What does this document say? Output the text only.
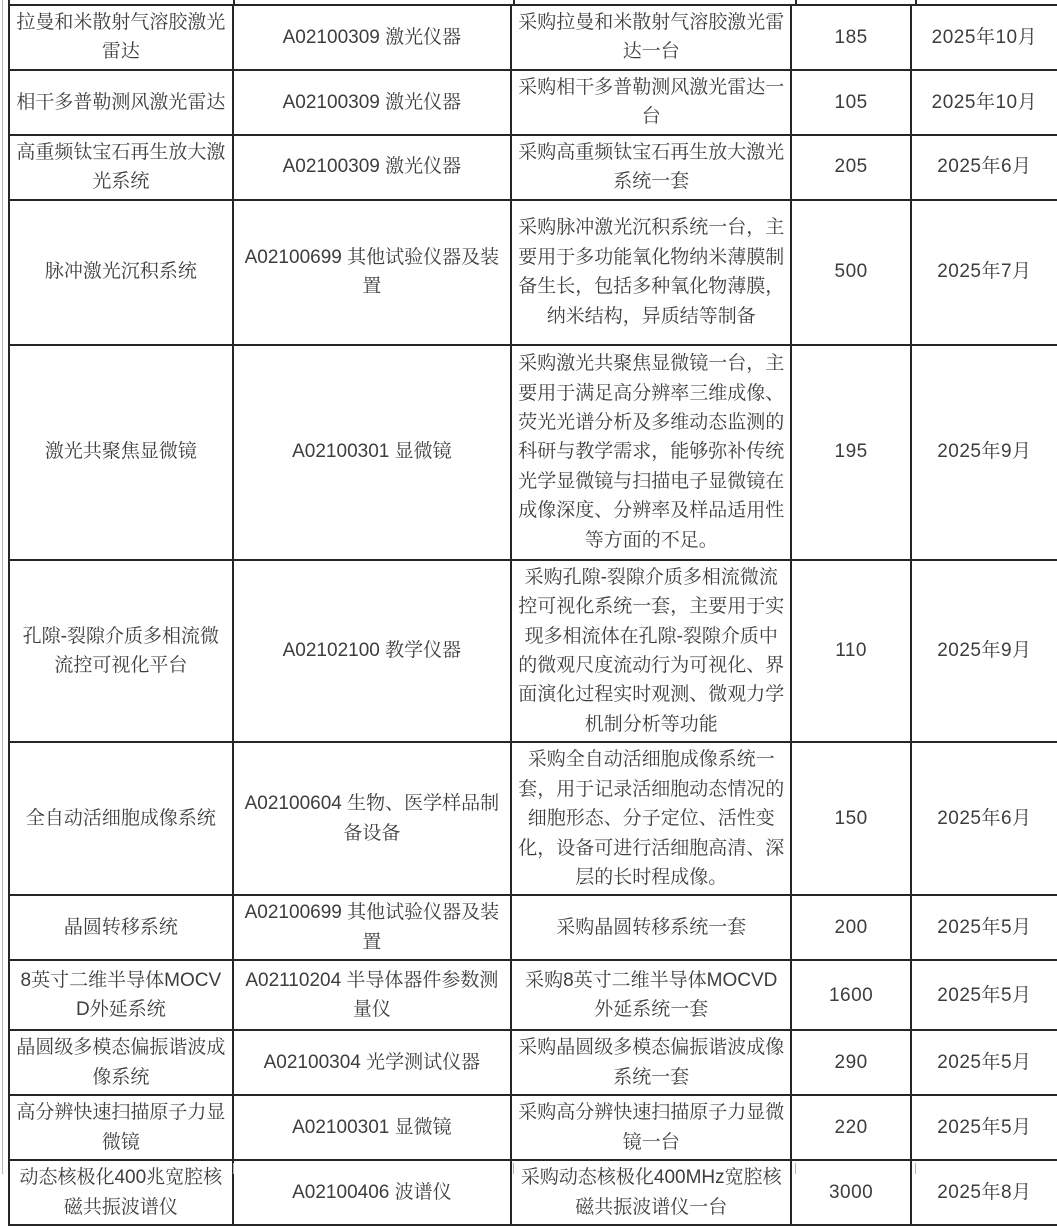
拉曼和米散射气溶胶激光雷达	A02100309 激光仪器	采购拉曼和米散射气溶胶激光雷达一台	185	2025年10月
相干多普勒测风激光雷达	A02100309 激光仪器	采购相干多普勒测风激光雷达一台	105	2025年10月
高重频钛宝石再生放大激光系统	A02100309 激光仪器	采购高重频钛宝石再生放大激光系统一套	205	2025年6月
脉冲激光沉积系统	A02100699 其他试验仪器及装置	采购脉冲激光沉积系统一台，主要用于多功能氧化物纳米薄膜制备生长，包括多种氧化物薄膜，纳米结构，异质结等制备	500	2025年7月
激光共聚焦显微镜	A02100301 显微镜	采购激光共聚焦显微镜一台，主要用于满足高分辨率三维成像、荧光光谱分析及多维动态监测的科研与教学需求，能够弥补传统光学显微镜与扫描电子显微镜在成像深度、分辨率及样品适用性等方面的不足。	195	2025年9月
孔隙-裂隙介质多相流微流控可视化平台	A02102100 教学仪器	采购孔隙-裂隙介质多相流微流控可视化系统一套，主要用于实现多相流体在孔隙-裂隙介质中的微观尺度流动行为可视化、界面演化过程实时观测、微观力学机制分析等功能	110	2025年9月
全自动活细胞成像系统	A02100604 生物、医学样品制备设备	采购全自动活细胞成像系统一套，用于记录活细胞动态情况的细胞形态、分子定位、活性变化，设备可进行活细胞高清、深层的长时程成像。	150	2025年6月
晶圆转移系统	A02100699 其他试验仪器及装置	采购晶圆转移系统一套	200	2025年5月
8英寸二维半导体MOCVD外延系统	A02110204 半导体器件参数测量仪	采购8英寸二维半导体MOCVD外延系统一套	1600	2025年5月
晶圆级多模态偏振谐波成像系统	A02100304 光学测试仪器	采购晶圆级多模态偏振谐波成像系统一套	290	2025年5月
高分辨快速扫描原子力显微镜	A02100301 显微镜	采购高分辨快速扫描原子力显微镜一台	220	2025年5月
动态核极化400兆宽腔核磁共振波谱仪	A02100406 波谱仪	采购动态核极化400MHz宽腔核磁共振波谱仪一台	3000	2025年8月
